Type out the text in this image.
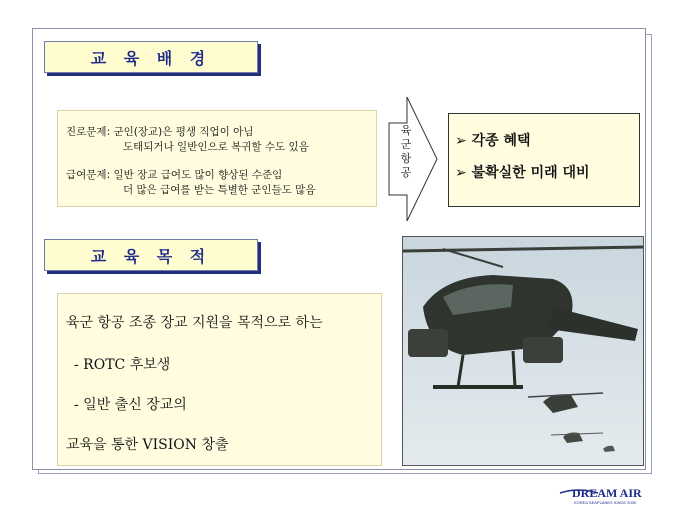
교 육 배 경
진로문제: 군인(장교)은 평생 직업이 아님
도태되거나 일반인으로 복귀할 수도 있음
급여문제: 일반 장교 급여도 많이 향상된 수준임
더 많은 급여를 받는 특별한 군인들도 많음
육
군
항
공
➢ 각종 혜택
➢ 불확실한 미래 대비
교 육 목 적
육군 항공 조종 장교 지원을 목적으로 하는
- ROTC 후보생
- 일반 출신 장교의
교육을 통한 VISION 창출
DREAM AIR
KOREA SEAPLANES SINCE 2000
